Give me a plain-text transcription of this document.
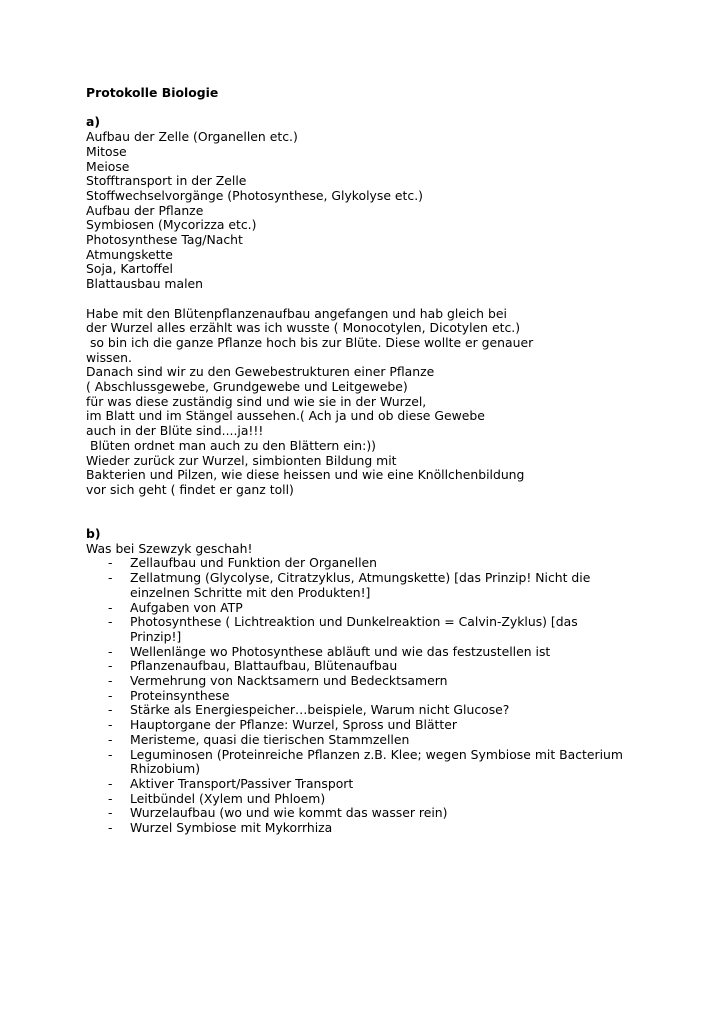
Protokolle Biologie
a)
Aufbau der Zelle (Organellen etc.)
Mitose
Meiose
Stofftransport in der Zelle
Stoffwechselvorgänge (Photosynthese, Glykolyse etc.)
Aufbau der Pflanze
Symbiosen (Mycorizza etc.)
Photosynthese Tag/Nacht
Atmungskette
Soja, Kartoffel
Blattausbau malen
Habe mit den Blütenpflanzenaufbau angefangen und hab gleich bei
der Wurzel alles erzählt was ich wusste ( Monocotylen, Dicotylen etc.)
so bin ich die ganze Pflanze hoch bis zur Blüte. Diese wollte er genauer
wissen.
Danach sind wir zu den Gewebestrukturen einer Pflanze
( Abschlussgewebe, Grundgewebe und Leitgewebe)
für was diese zuständig sind und wie sie in der Wurzel,
im Blatt und im Stängel aussehen.( Ach ja und ob diese Gewebe
auch in der Blüte sind....ja!!!
Blüten ordnet man auch zu den Blättern ein:))
Wieder zurück zur Wurzel, simbionten Bildung mit
Bakterien und Pilzen, wie diese heissen und wie eine Knöllchenbildung
vor sich geht ( findet er ganz toll)
b)
Was bei Szewzyk geschah!
- Zellaufbau und Funktion der Organellen
- Zellatmung (Glycolyse, Citratzyklus, Atmungskette) [das Prinzip! Nicht die einzelnen Schritte mit den Produkten!]
- Aufgaben von ATP
- Photosynthese ( Lichtreaktion und Dunkelreaktion = Calvin-Zyklus) [das Prinzip!]
- Wellenlänge wo Photosynthese abläuft und wie das festzustellen ist
- Pflanzenaufbau, Blattaufbau, Blütenaufbau
- Vermehrung von Nacktsamern und Bedecktsamern
- Proteinsynthese
- Stärke als Energiespeicher…beispiele, Warum nicht Glucose?
- Hauptorgane der Pflanze: Wurzel, Spross und Blätter
- Meristeme, quasi die tierischen Stammzellen
- Leguminosen (Proteinreiche Pflanzen z.B. Klee; wegen Symbiose mit Bacterium Rhizobium)
- Aktiver Transport/Passiver Transport
- Leitbündel (Xylem und Phloem)
- Wurzelaufbau (wo und wie kommt das wasser rein)
- Wurzel Symbiose mit Mykorrhiza
